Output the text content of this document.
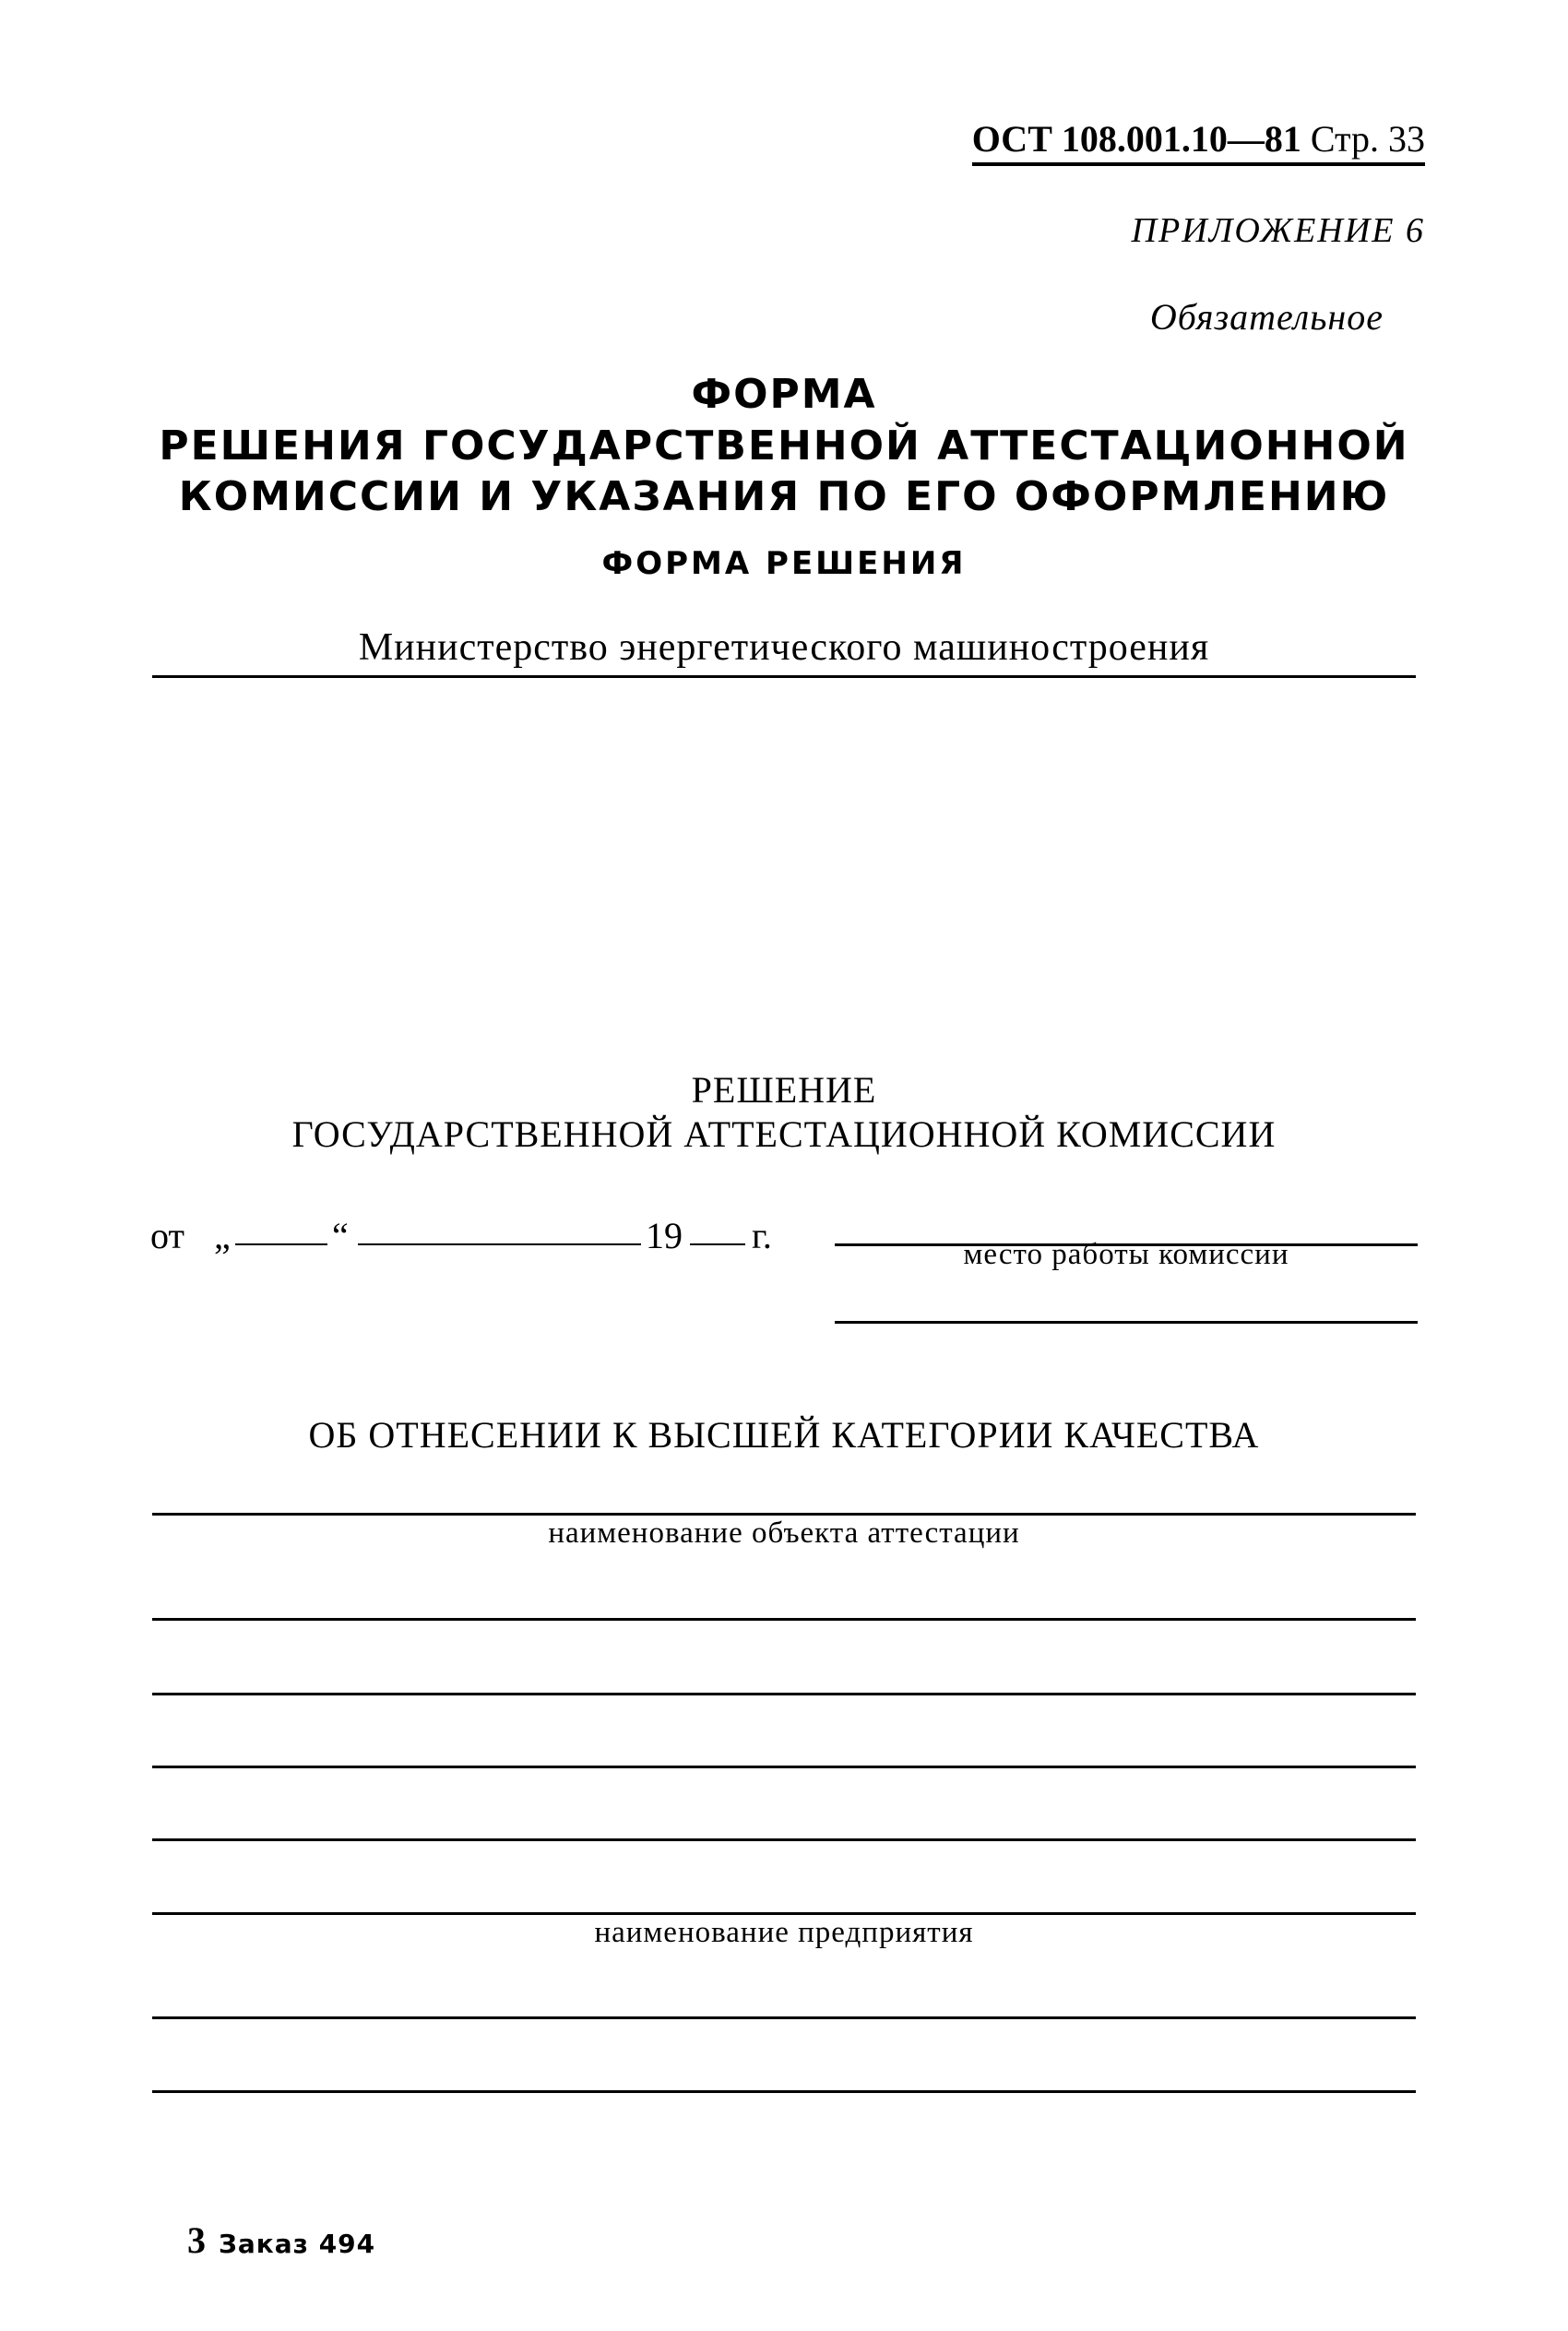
ОСТ 108.001.10—81 Стр. 33
ПРИЛОЖЕНИЕ 6
Обязательное
ФОРМА
РЕШЕНИЯ ГОСУДАРСТВЕННОЙ АТТЕСТАЦИОННОЙ
КОМИССИИ И УКАЗАНИЯ ПО ЕГО ОФОРМЛЕНИЮ
ФОРМА РЕШЕНИЯ
Министерство энергетического машиностроения
РЕШЕНИЕ
ГОСУДАРСТВЕННОЙ АТТЕСТАЦИОННОЙ КОМИССИИ
от „	“	19 г.	место работы комиссии
ОБ ОТНЕСЕНИИ К ВЫСШЕЙ КАТЕГОРИИ КАЧЕСТВА
наименование объекта аттестации
наименование предприятия
3 Заказ 494
